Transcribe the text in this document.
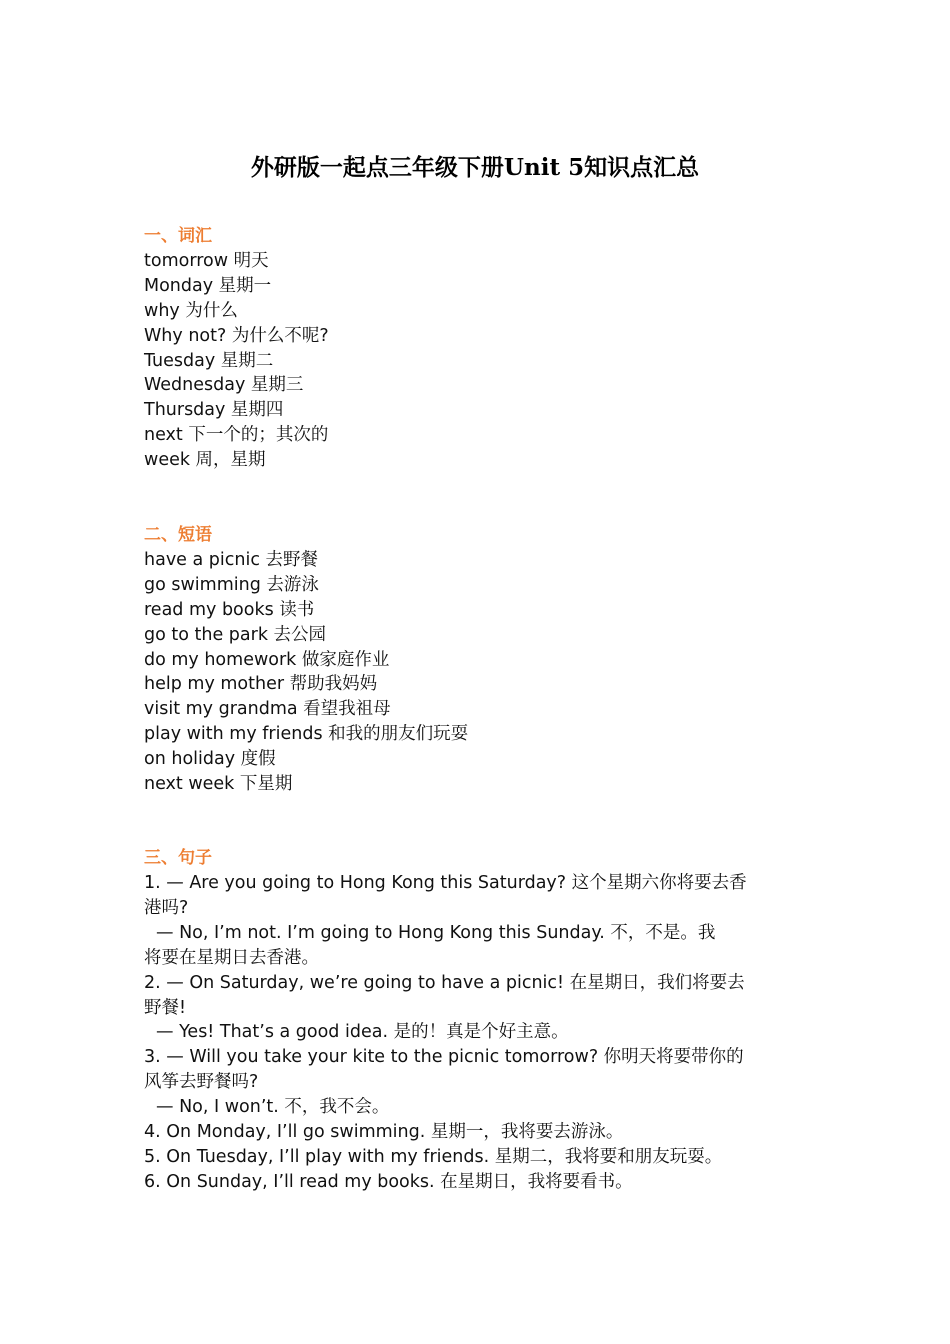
外研版一起点三年级下册Unit 5知识点汇总
一、词汇
tomorrow 明天
Monday 星期一
why 为什么
Why not? 为什么不呢?
Tuesday 星期二
Wednesday 星期三
Thursday 星期四
next 下一个的；其次的
week 周，星期
二、短语
have a picnic 去野餐
go swimming 去游泳
read my books 读书
go to the park 去公园
do my homework 做家庭作业
help my mother 帮助我妈妈
visit my grandma 看望我祖母
play with my friends 和我的朋友们玩耍
on holiday 度假
next week 下星期
三、句子
1. — Are you going to Hong Kong this Saturday? 这个星期六你将要去香
港吗?
— No, I’m not. I’m going to Hong Kong this Sunday. 不，不是。我
将要在星期日去香港。
2. — On Saturday, we’re going to have a picnic! 在星期日，我们将要去
野餐!
— Yes! That’s a good idea. 是的！真是个好主意。
3. — Will you take your kite to the picnic tomorrow? 你明天将要带你的
风筝去野餐吗?
— No, I won’t. 不，我不会。
4. On Monday, I’ll go swimming. 星期一，我将要去游泳。
5. On Tuesday, I’ll play with my friends. 星期二，我将要和朋友玩耍。
6. On Sunday, I’ll read my books. 在星期日，我将要看书。
